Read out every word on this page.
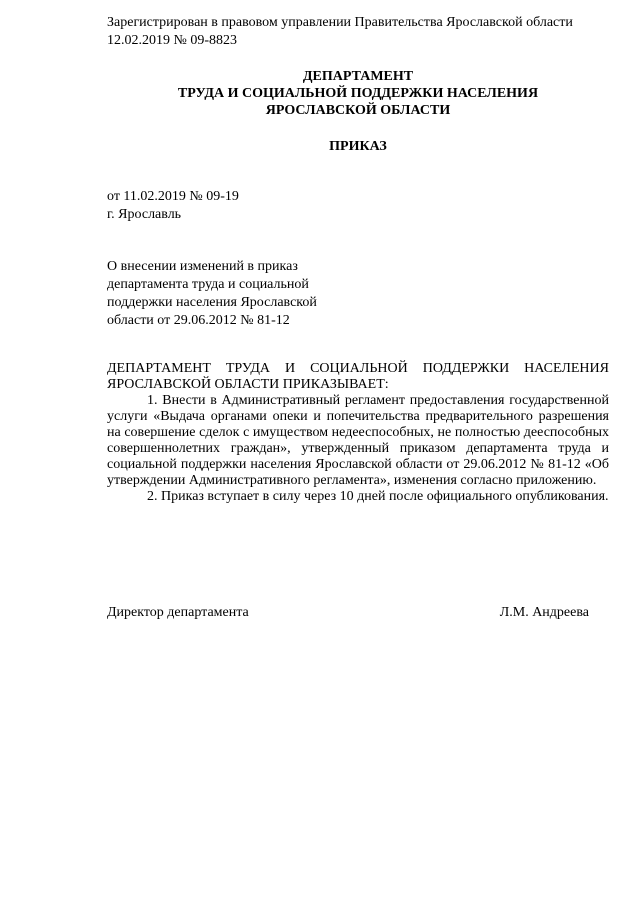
Зарегистрирован в правовом управлении Правительства Ярославской области
12.02.2019 № 09-8823
ДЕПАРТАМЕНТ
ТРУДА И СОЦИАЛЬНОЙ ПОДДЕРЖКИ НАСЕЛЕНИЯ
ЯРОСЛАВСКОЙ ОБЛАСТИ
ПРИКАЗ
от 11.02.2019 № 09-19
г. Ярославль
О внесении изменений в приказ
департамента труда и социальной
поддержки населения Ярославской
области от 29.06.2012 № 81-12

ДЕПАРТАМЕНТ ТРУДА И СОЦИАЛЬНОЙ ПОДДЕРЖКИ НАСЕЛЕНИЯ ЯРОСЛАВСКОЙ ОБЛАСТИ ПРИКАЗЫВАЕТ:

1. Внести в Административный регламент предоставления государственной услуги «Выдача органами опеки и попечительства предварительного разрешения на совершение сделок с имуществом недееспособных, не полностью дееспособных совершеннолетних граждан», утвержденный приказом департамента труда и социальной поддержки населения Ярославской области от 29.06.2012 № 81-12 «Об утверждении Административного регламента», изменения согласно приложению.

2. Приказ вступает в силу через 10 дней после официального опубликования.

Директор департамента	Л.М. Андреева
